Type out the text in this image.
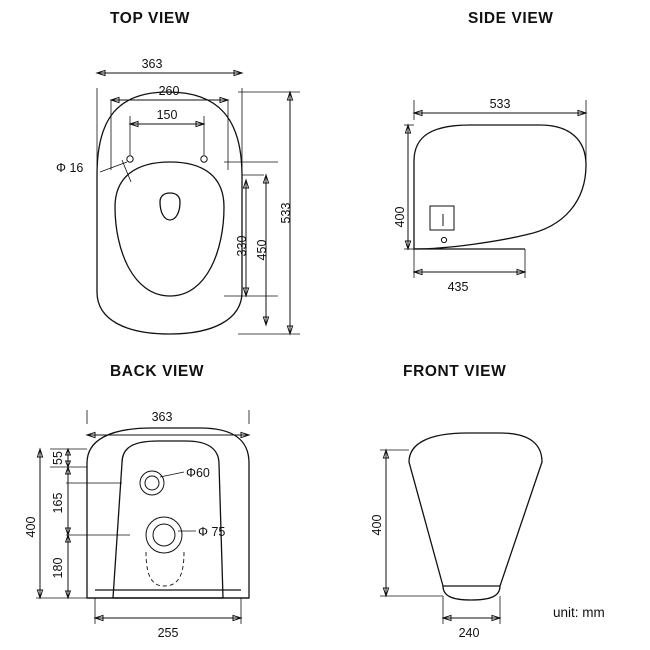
TOP VIEW	SIDE VIEW
BACK VIEW	FRONT VIEW
unit: mm
Φ 16
363
260
150
533
450
330
533
400
435
Φ60
Φ 75
363
55
165
180
400
255
400
240
